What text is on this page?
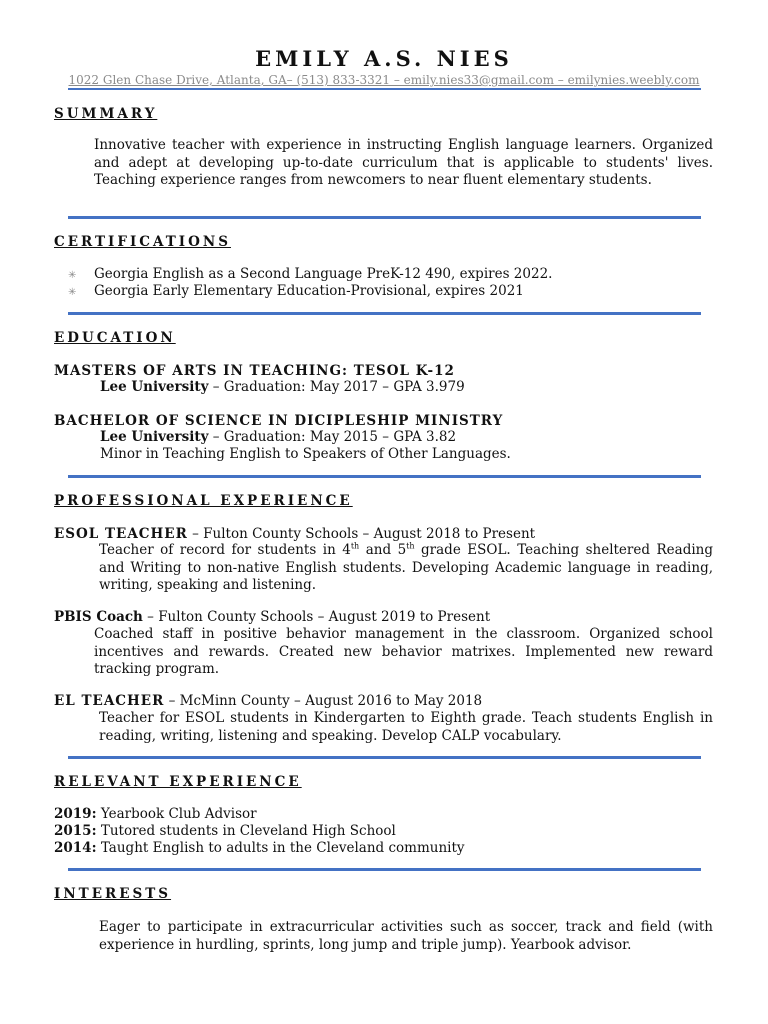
EMILY A.S. NIES
1022 Glen Chase Drive, Atlanta, GA– (513) 833-3321 – emily.nies33@gmail.com – emilynies.weebly.com
SUMMARY
Innovative teacher with experience in instructing English language learners. Organized and adept at developing up-to-date curriculum that is applicable to students' lives. Teaching experience ranges from newcomers to near fluent elementary students.
CERTIFICATIONS
✳ Georgia English as a Second Language PreK-12 490, expires 2022.
✳ Georgia Early Elementary Education-Provisional, expires 2021
EDUCATION
MASTERS OF ARTS IN TEACHING: TESOL K-12
Lee University – Graduation: May 2017 – GPA 3.979
BACHELOR OF SCIENCE IN DICIPLESHIP MINISTRY
Lee University – Graduation: May 2015 – GPA 3.82
Minor in Teaching English to Speakers of Other Languages.
PROFESSIONAL EXPERIENCE
ESOL TEACHER – Fulton County Schools – August 2018 to Present
Teacher of record for students in 4th and 5th grade ESOL. Teaching sheltered Reading and Writing to non-native English students. Developing Academic language in reading, writing, speaking and listening.
PBIS Coach – Fulton County Schools – August 2019 to Present
Coached staff in positive behavior management in the classroom. Organized school incentives and rewards. Created new behavior matrixes. Implemented new reward tracking program.
EL TEACHER – McMinn County – August 2016 to May 2018
Teacher for ESOL students in Kindergarten to Eighth grade. Teach students English in reading, writing, listening and speaking. Develop CALP vocabulary.
RELEVANT EXPERIENCE
2019: Yearbook Club Advisor
2015: Tutored students in Cleveland High School
2014: Taught English to adults in the Cleveland community
INTERESTS
Eager to participate in extracurricular activities such as soccer, track and field (with experience in hurdling, sprints, long jump and triple jump). Yearbook advisor.
